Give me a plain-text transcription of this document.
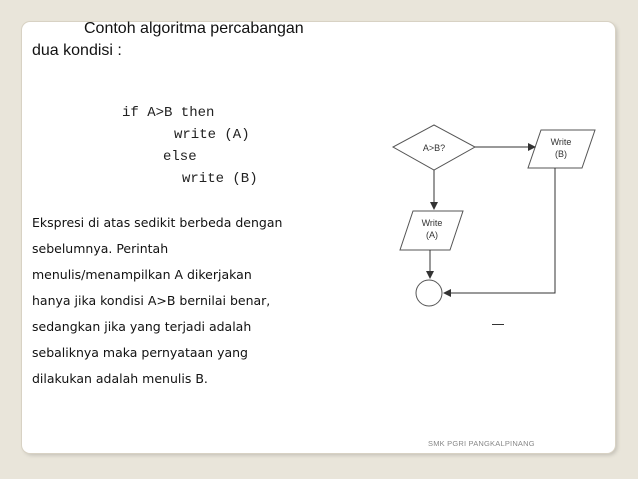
Contoh algoritma percabangan
dua kondisi :
if A>B then
write (A)
else
write (B)
Ekspresi di atas sedikit berbeda dengan
sebelumnya. Perintah
menulis/menampilkan A dikerjakan
hanya jika kondisi A>B bernilai benar,
sedangkan jika yang terjadi adalah
sebaliknya maka pernyataan yang
dilakukan adalah menulis B.
A>B?
Write
(B)
Write
(A)
SMK PGRI PANGKALPINANG
